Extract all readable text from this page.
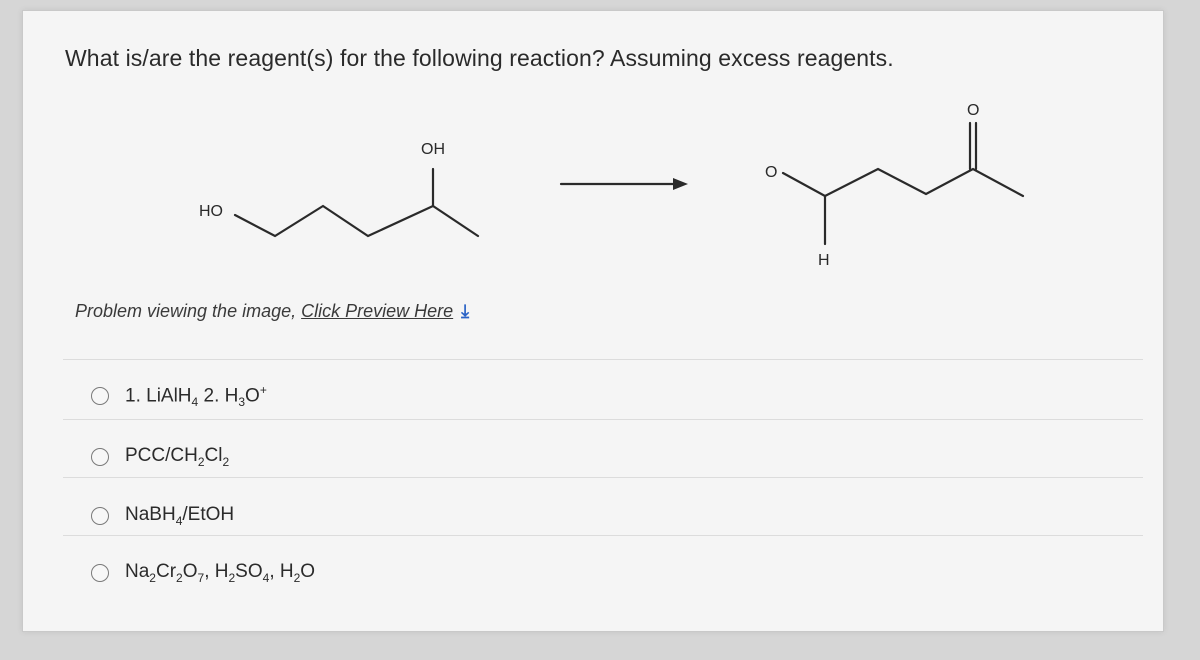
What is/are the reagent(s) for the following reaction? Assuming excess reagents.
HO
OH
O
O
H
Problem viewing the image, Click Preview Here ⤓
1. LiAlH$_4$ 2. $H_3O^+$
PCC/$CH_2Cl_2$
NaBH$_4$/EtOH
$Na_2Cr_2O_7$, $H_2SO_4$, $H_2O$
